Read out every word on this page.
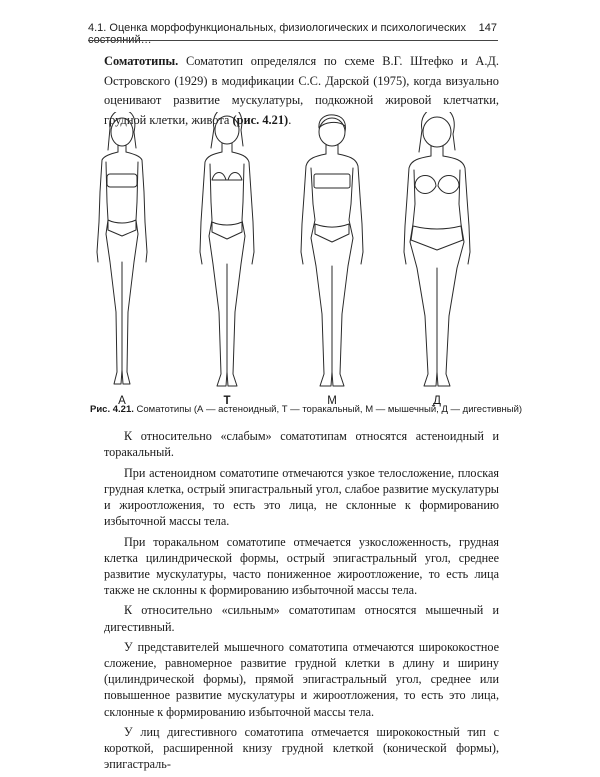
4.1. Оценка морфофункциональных, физиологических и психологических состояний…
147
Соматотипы. Соматотип определялся по схеме В.Г. Штефко и А.Д. Островского (1929) в модификации С.С. Дарской (1975), когда визуально оценивают развитие мускулатуры, подкожной жировой клетчатки, грудной клетки, живота (рис. 4.21).
А	Т	М	Д
Рис. 4.21. Соматотипы (А — астеноидный, Т — торакальный, М — мышечный, Д — дигестивный)

К относительно «слабым» соматотипам относятся астеноидный и торакальный.

При астеноидном соматотипе отмечаются узкое телосложение, плоская грудная клетка, острый эпигастральный угол, слабое развитие мускулатуры и жироотложения, то есть это лица, не склонные к формированию избыточной массы тела.

При торакальном соматотипе отмечается узкосложенность, грудная клетка цилиндрической формы, острый эпигастральный угол, среднее развитие мускулатуры, часто пониженное жироотложение, то есть лица также не склонны к формированию избыточной массы тела.

К относительно «сильным» соматотипам относятся мышечный и дигестивный.

У представителей мышечного соматотипа отмечаются ширококостное сложение, равномерное развитие грудной клетки в длину и ширину (цилиндрической формы), прямой эпигастральный угол, среднее или повышенное развитие мускулатуры и жироотложения, то есть это лица, склонные к формированию избыточной массы тела.

У лиц дигестивного соматотипа отмечается ширококостный тип с короткой, расширенной книзу грудной клеткой (конической формы), эпигастраль-
